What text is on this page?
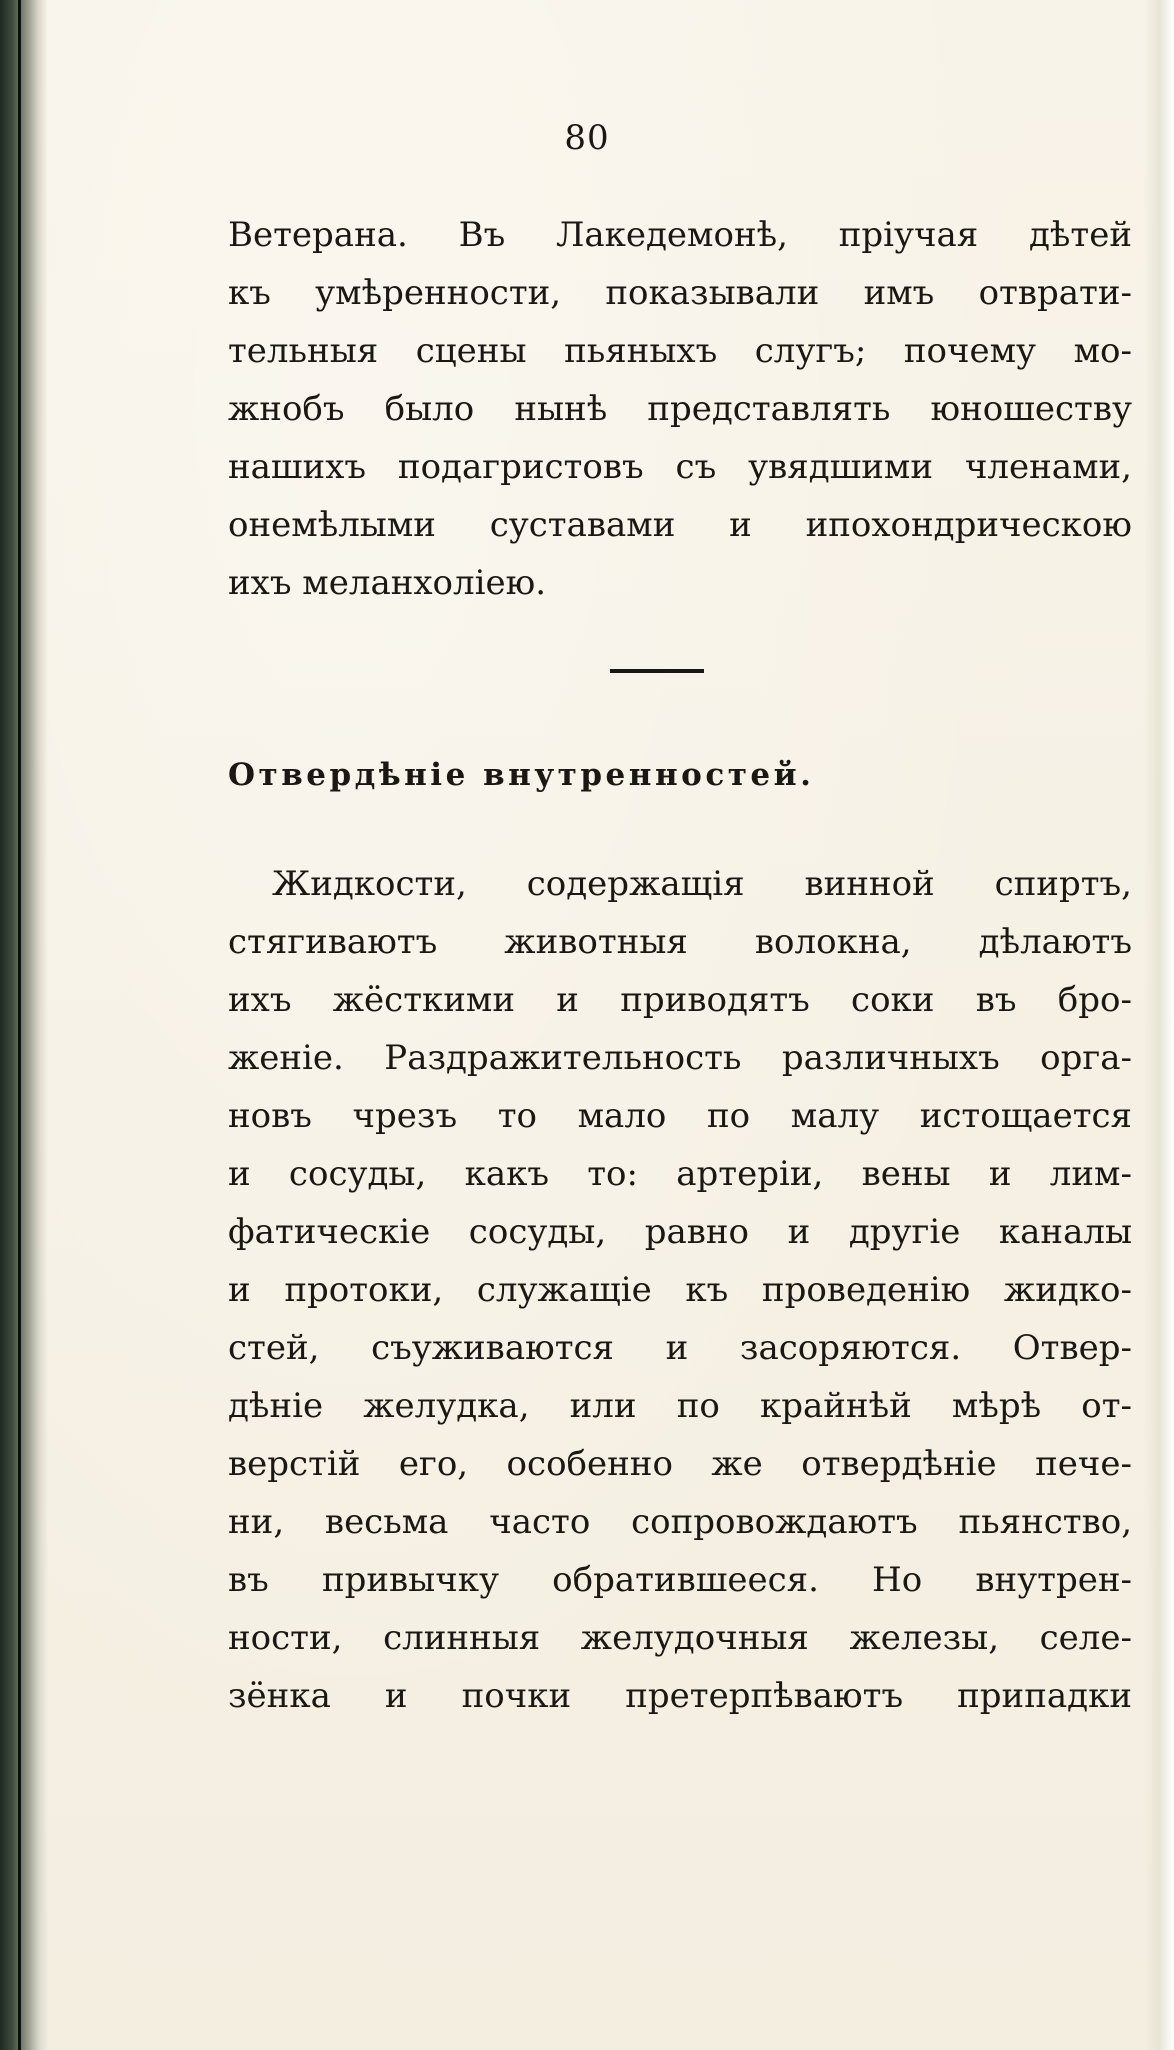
80
Ветерана. Въ Лакедемонѣ, пріучая дѣтей
къ умѣренности, показывали имъ отврати-
тельныя сцены пьяныхъ слугъ; почему мо-
жнобъ было нынѣ представлять юношеству
нашихъ подагристовъ съ увядшими членами,
онемѣлыми суставами и ипохондрическою
ихъ меланхоліею.
Отвердѣніе внутренностей.
Жидкости, содержащія винной спиртъ,
стягиваютъ животныя волокна, дѣлаютъ
ихъ жёсткими и приводятъ соки въ бро-
женіе. Раздражительность различныхъ орга-
новъ чрезъ то мало по малу истощается
и сосуды, какъ то: артеріи, вены и лим-
фатическіе сосуды, равно и другіе каналы
и протоки, служащіе къ проведенію жидко-
стей, съуживаются и засоряются. Отвер-
дѣніе желудка, или по крайнѣй мѣрѣ от-
верстій его, особенно же отвердѣніе пече-
ни, весьма часто сопровождаютъ пьянство,
въ привычку обратившееся. Но внутрен-
ности, слинныя желудочныя железы, селе-
зёнка и почки претерпѣваютъ припадки
